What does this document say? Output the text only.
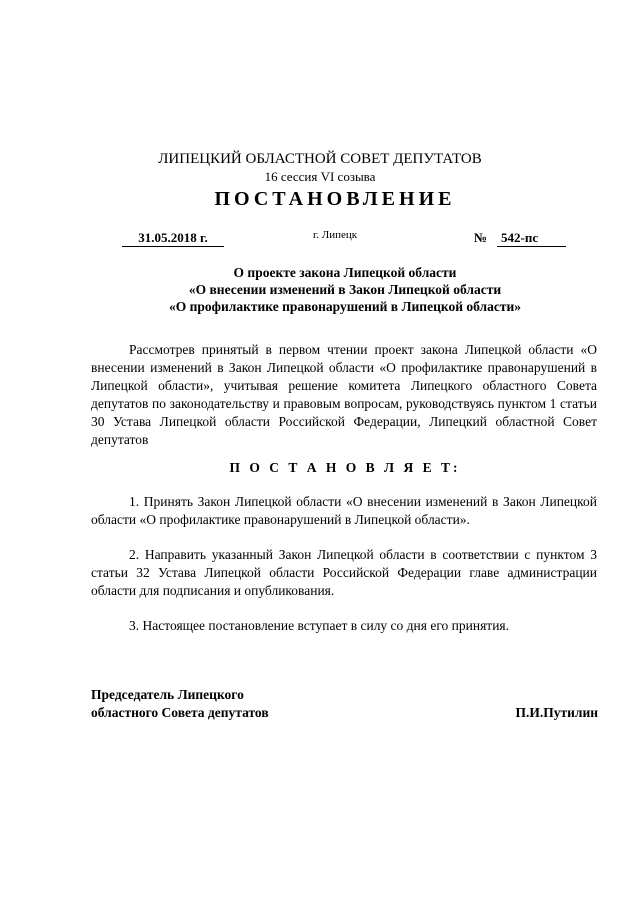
ЛИПЕЦКИЙ ОБЛАСТНОЙ СОВЕТ ДЕПУТАТОВ
16 сессия VI созыва
ПОСТАНОВЛЕНИЕ
31.05.2018 г.	г. Липецк	№	542-пс
О проекте закона Липецкой области
«О внесении изменений в Закон Липецкой области
«О профилактике правонарушений в Липецкой области»
Рассмотрев принятый в первом чтении проект закона Липецкой области «О внесении изменений в Закон Липецкой области «О профилактике правонарушений в Липецкой области», учитывая решение комитета Липецкого областного Совета депутатов по законодательству и правовым вопросам, руководствуясь пунктом 1 статьи 30 Устава Липецкой области Российской Федерации, Липецкий областной Совет депутатов
П О С Т А Н О В Л Я Е Т:
1. Принять Закон Липецкой области «О внесении изменений в Закон Липецкой области «О профилактике правонарушений в Липецкой области».
2. Направить указанный Закон Липецкой области в соответствии с пунктом 3 статьи 32 Устава Липецкой области Российской Федерации главе администрации области для подписания и опубликования.
3. Настоящее постановление вступает в силу со дня его принятия.
Председатель Липецкого
областного Совета депутатов	П.И.Путилин
